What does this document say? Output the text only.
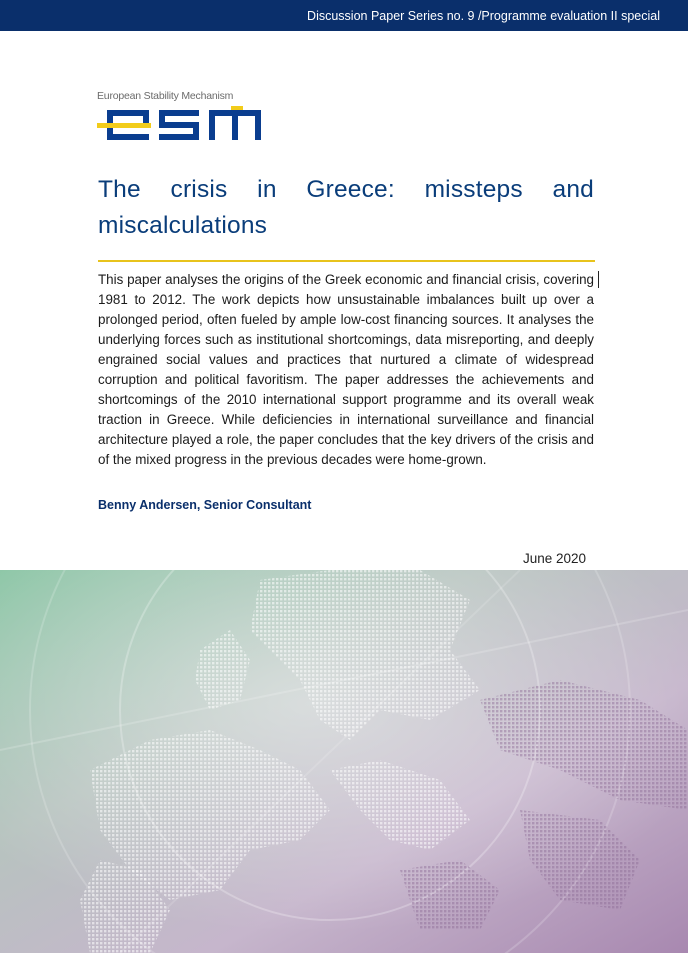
Discussion Paper Series no. 9 /Programme evaluation II special
European Stability Mechanism
The crisis in Greece: missteps and miscalculations

This paper analyses the origins of the Greek economic and financial crisis, covering 1981 to 2012. The work depicts how unsustainable imbalances built up over a prolonged period, often fueled by ample low-cost financing sources. It analyses the underlying forces such as institutional shortcomings, data misreporting, and deeply engrained social values and practices that nurtured a climate of widespread corruption and political favoritism. The paper addresses the achievements and shortcomings of the 2010 international support programme and its overall weak traction in Greece. While deficiencies in international surveillance and financial architecture played a role, the paper concludes that the key drivers of the crisis and of the mixed progress in the previous decades were home-grown.

Benny Andersen, Senior Consultant
June 2020
